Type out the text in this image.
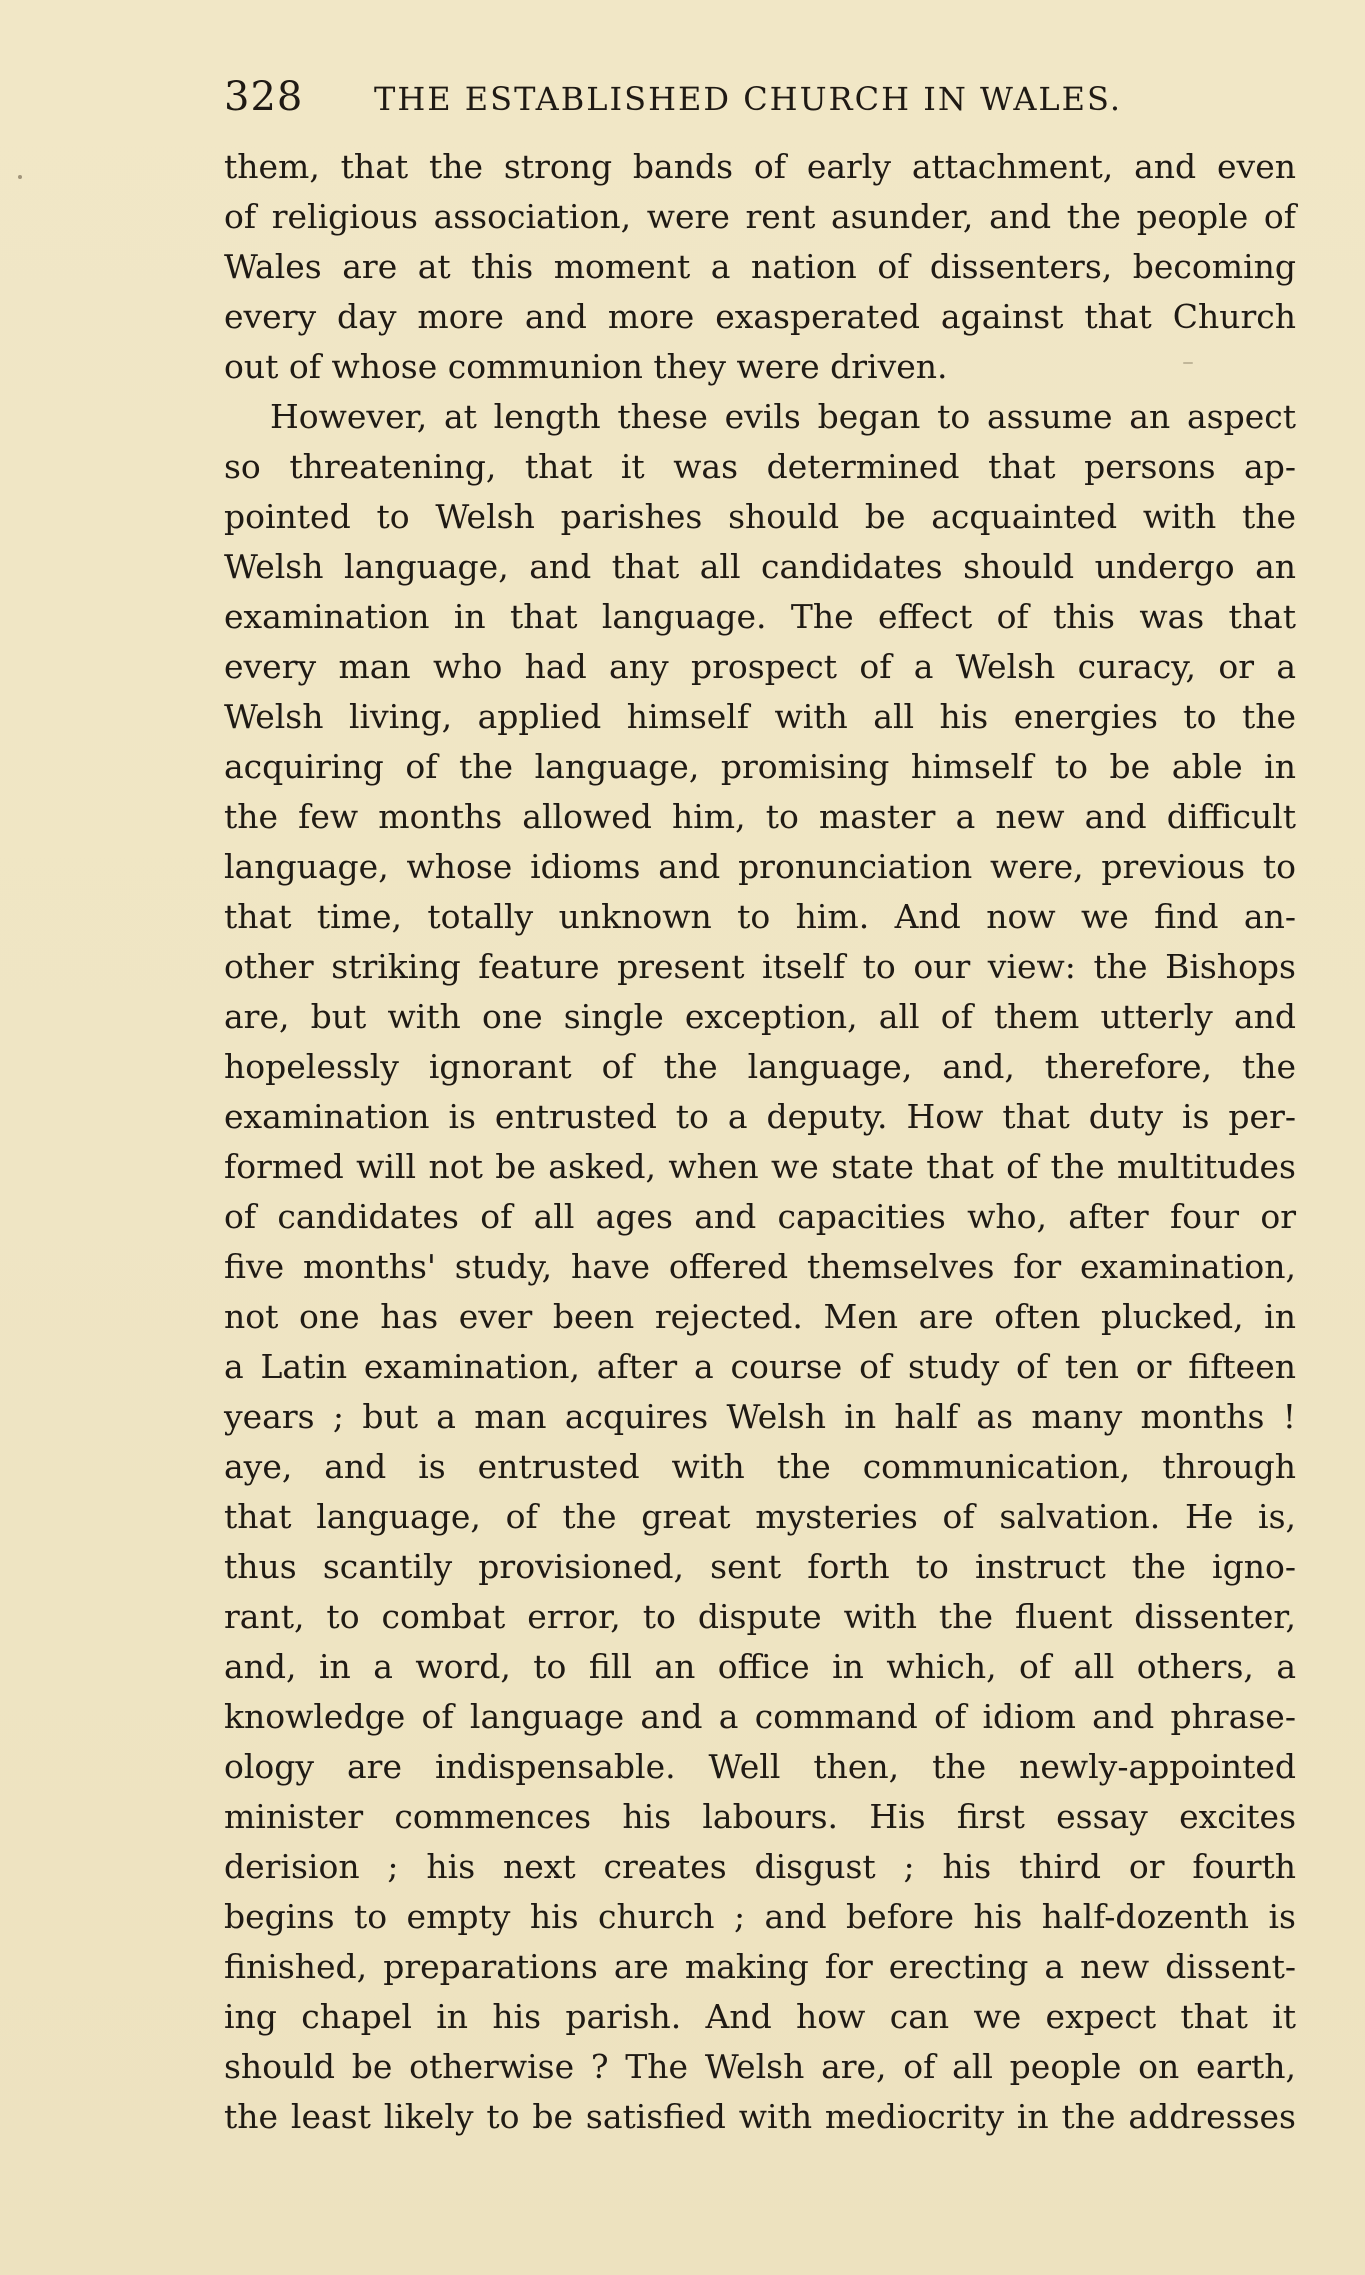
328 THE ESTABLISHED CHURCH IN WALES.
them, that the strong bands of early attachment, and even
of religious association, were rent asunder, and the people of
Wales are at this moment a nation of dissenters, becoming
every day more and more exasperated against that Church
out of whose communion they were driven.
However, at length these evils began to assume an aspect
so threatening, that it was determined that persons ap-
pointed to Welsh parishes should be acquainted with the
Welsh language, and that all candidates should undergo an
examination in that language. The effect of this was that
every man who had any prospect of a Welsh curacy, or a
Welsh living, applied himself with all his energies to the
acquiring of the language, promising himself to be able in
the few months allowed him, to master a new and difficult
language, whose idioms and pronunciation were, previous to
that time, totally unknown to him. And now we find an-
other striking feature present itself to our view: the Bishops
are, but with one single exception, all of them utterly and
hopelessly ignorant of the language, and, therefore, the
examination is entrusted to a deputy. How that duty is per-
formed will not be asked, when we state that of the multitudes
of candidates of all ages and capacities who, after four or
five months' study, have offered themselves for examination,
not one has ever been rejected. Men are often plucked, in
a Latin examination, after a course of study of ten or fifteen
years ; but a man acquires Welsh in half as many months !
aye, and is entrusted with the communication, through
that language, of the great mysteries of salvation. He is,
thus scantily provisioned, sent forth to instruct the igno-
rant, to combat error, to dispute with the fluent dissenter,
and, in a word, to fill an office in which, of all others, a
knowledge of language and a command of idiom and phrase-
ology are indispensable. Well then, the newly-appointed
minister commences his labours. His first essay excites
derision ; his next creates disgust ; his third or fourth
begins to empty his church ; and before his half-dozenth is
finished, preparations are making for erecting a new dissent-
ing chapel in his parish. And how can we expect that it
should be otherwise ? The Welsh are, of all people on earth,
the least likely to be satisfied with mediocrity in the addresses
